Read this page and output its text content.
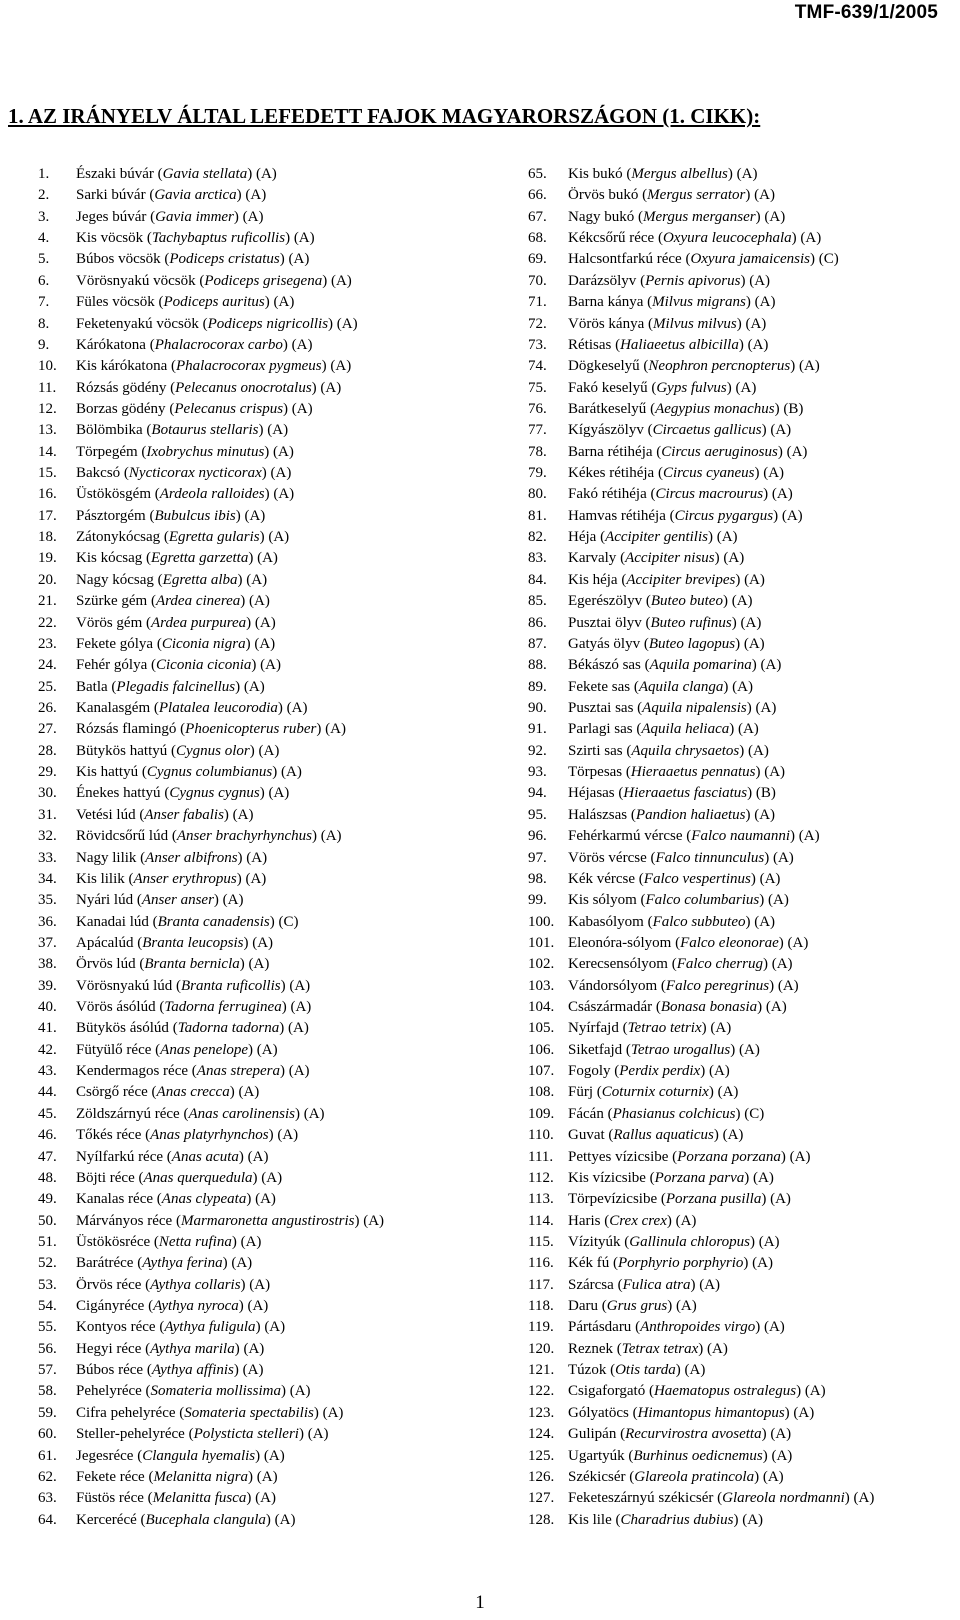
TMF-639/1/2005
1. AZ IRÁNYELV ÁLTAL LEFEDETT FAJOK MAGYARORSZÁGON (1. CIKK):
1.	Északi búvár ( Gavia stellata ) (A)
2.	Sarki búvár ( Gavia arctica ) (A)
3.	Jeges búvár ( Gavia immer ) (A)
4.	Kis vöcsök ( Tachybaptus ruficollis ) (A)
5.	Búbos vöcsök ( Podiceps cristatus ) (A)
6.	Vörösnyakú vöcsök ( Podiceps grisegena ) (A)
7.	Füles vöcsök ( Podiceps auritus ) (A)
8.	Feketenyakú vöcsök ( Podiceps nigricollis ) (A)
9.	Kárókatona ( Phalacrocorax carbo ) (A)
10.	Kis kárókatona ( Phalacrocorax pygmeus ) (A)
11.	Rózsás gödény ( Pelecanus onocrotalus ) (A)
12.	Borzas gödény ( Pelecanus crispus ) (A)
13.	Bölömbika ( Botaurus stellaris ) (A)
14.	Törpegém ( Ixobrychus minutus ) (A)
15.	Bakcsó ( Nycticorax nycticorax ) (A)
16.	Üstökösgém ( Ardeola ralloides ) (A)
17.	Pásztorgém ( Bubulcus ibis ) (A)
18.	Zátonykócsag ( Egretta gularis ) (A)
19.	Kis kócsag ( Egretta garzetta ) (A)
20.	Nagy kócsag ( Egretta alba ) (A)
21.	Szürke gém ( Ardea cinerea ) (A)
22.	Vörös gém ( Ardea purpurea ) (A)
23.	Fekete gólya ( Ciconia nigra ) (A)
24.	Fehér gólya ( Ciconia ciconia ) (A)
25.	Batla ( Plegadis falcinellus ) (A)
26.	Kanalasgém ( Platalea leucorodia ) (A)
27.	Rózsás flamingó ( Phoenicopterus ruber ) (A)
28.	Bütykös hattyú ( Cygnus olor ) (A)
29.	Kis hattyú ( Cygnus columbianus ) (A)
30.	Énekes hattyú ( Cygnus cygnus ) (A)
31.	Vetési lúd ( Anser fabalis ) (A)
32.	Rövidcsőrű lúd ( Anser brachyrhynchus ) (A)
33.	Nagy lilik ( Anser albifrons ) (A)
34.	Kis lilik ( Anser erythropus ) (A)
35.	Nyári lúd ( Anser anser ) (A)
36.	Kanadai lúd ( Branta canadensis ) (C)
37.	Apácalúd ( Branta leucopsis ) (A)
38.	Örvös lúd ( Branta bernicla ) (A)
39.	Vörösnyakú lúd ( Branta ruficollis ) (A)
40.	Vörös ásólúd ( Tadorna ferruginea ) (A)
41.	Bütykös ásólúd ( Tadorna tadorna ) (A)
42.	Fütyülő réce ( Anas penelope ) (A)
43.	Kendermagos réce ( Anas strepera ) (A)
44.	Csörgő réce ( Anas crecca ) (A)
45.	Zöldszárnyú réce ( Anas carolinensis ) (A)
46.	Tőkés réce ( Anas platyrhynchos ) (A)
47.	Nyílfarkú réce ( Anas acuta ) (A)
48.	Böjti réce ( Anas querquedula ) (A)
49.	Kanalas réce ( Anas clypeata ) (A)
50.	Márványos réce ( Marmaronetta angustirostris ) (A)
51.	Üstökösréce ( Netta rufina ) (A)
52.	Barátréce ( Aythya ferina ) (A)
53.	Örvös réce ( Aythya collaris ) (A)
54.	Cigányréce ( Aythya nyroca ) (A)
55.	Kontyos réce ( Aythya fuligula ) (A)
56.	Hegyi réce ( Aythya marila ) (A)
57.	Búbos réce ( Aythya affinis ) (A)
58.	Pehelyréce ( Somateria mollissima ) (A)
59.	Cifra pehelyréce ( Somateria spectabilis ) (A)
60.	Steller-pehelyréce ( Polysticta stelleri ) (A)
61.	Jegesréce ( Clangula hyemalis ) (A)
62.	Fekete réce ( Melanitta nigra ) (A)
63.	Füstös réce ( Melanitta fusca ) (A)
64.	Kercerécé ( Bucephala clangula ) (A)
65.	Kis bukó ( Mergus albellus ) (A)
66.	Örvös bukó ( Mergus serrator ) (A)
67.	Nagy bukó ( Mergus merganser ) (A)
68.	Kékcsőrű réce ( Oxyura leucocephala ) (A)
69.	Halcsontfarkú réce ( Oxyura jamaicensis ) (C)
70.	Darázsölyv ( Pernis apivorus ) (A)
71.	Barna kánya ( Milvus migrans ) (A)
72.	Vörös kánya ( Milvus milvus ) (A)
73.	Rétisas ( Haliaeetus albicilla ) (A)
74.	Dögkeselyű ( Neophron percnopterus ) (A)
75.	Fakó keselyű ( Gyps fulvus ) (A)
76.	Barátkeselyű ( Aegypius monachus ) (B)
77.	Kígyászölyv ( Circaetus gallicus ) (A)
78.	Barna rétihéja ( Circus aeruginosus ) (A)
79.	Kékes rétihéja ( Circus cyaneus ) (A)
80.	Fakó rétihéja ( Circus macrourus ) (A)
81.	Hamvas rétihéja ( Circus pygargus ) (A)
82.	Héja ( Accipiter gentilis ) (A)
83.	Karvaly ( Accipiter nisus ) (A)
84.	Kis héja ( Accipiter brevipes ) (A)
85.	Egerészölyv ( Buteo buteo ) (A)
86.	Pusztai ölyv ( Buteo rufinus ) (A)
87.	Gatyás ölyv ( Buteo lagopus ) (A)
88.	Békászó sas ( Aquila pomarina ) (A)
89.	Fekete sas ( Aquila clanga ) (A)
90.	Pusztai sas ( Aquila nipalensis ) (A)
91.	Parlagi sas ( Aquila heliaca ) (A)
92.	Szirti sas ( Aquila chrysaetos ) (A)
93.	Törpesas ( Hieraaetus pennatus ) (A)
94.	Héjasas ( Hieraaetus fasciatus ) (B)
95.	Halászsas ( Pandion haliaetus ) (A)
96.	Fehérkarmú vércse ( Falco naumanni ) (A)
97.	Vörös vércse ( Falco tinnunculus ) (A)
98.	Kék vércse ( Falco vespertinus ) (A)
99.	Kis sólyom ( Falco columbarius ) (A)
100. Kabasólyom ( Falco subbuteo ) (A)
101. Eleonóra-sólyom ( Falco eleonorae ) (A)
102. Kerecsensólyom ( Falco cherrug ) (A)
103. Vándorsólyom ( Falco peregrinus ) (A)
104. Császármadár ( Bonasa bonasia ) (A)
105. Nyírfajd ( Tetrao tetrix ) (A)
106. Siketfajd ( Tetrao urogallus ) (A)
107. Fogoly ( Perdix perdix ) (A)
108. Fürj ( Coturnix coturnix ) (A)
109. Fácán ( Phasianus colchicus ) (C)
110. Guvat ( Rallus aquaticus ) (A)
111. Pettyes vízicsibe ( Porzana porzana ) (A)
112. Kis vízicsibe ( Porzana parva ) (A)
113. Törpevízicsibe ( Porzana pusilla ) (A)
114. Haris ( Crex crex ) (A)
115. Vízityúk ( Gallinula chloropus ) (A)
116. Kék fú ( Porphyrio porphyrio ) (A)
117. Szárcsa ( Fulica atra ) (A)
118. Daru ( Grus grus ) (A)
119. Pártásdaru ( Anthropoides virgo ) (A)
120. Reznek ( Tetrax tetrax ) (A)
121. Túzok ( Otis tarda ) (A)
122. Csigaforgató ( Haematopus ostralegus ) (A)
123. Gólyatöcs ( Himantopus himantopus ) (A)
124. Gulipán ( Recurvirostra avosetta ) (A)
125. Ugartyúk ( Burhinus oedicnemus ) (A)
126. Székicsér ( Glareola pratincola ) (A)
127. Feketeszárnyú székicsér ( Glareola nordmanni ) (A)
128. Kis lile ( Charadrius dubius ) (A)
1
